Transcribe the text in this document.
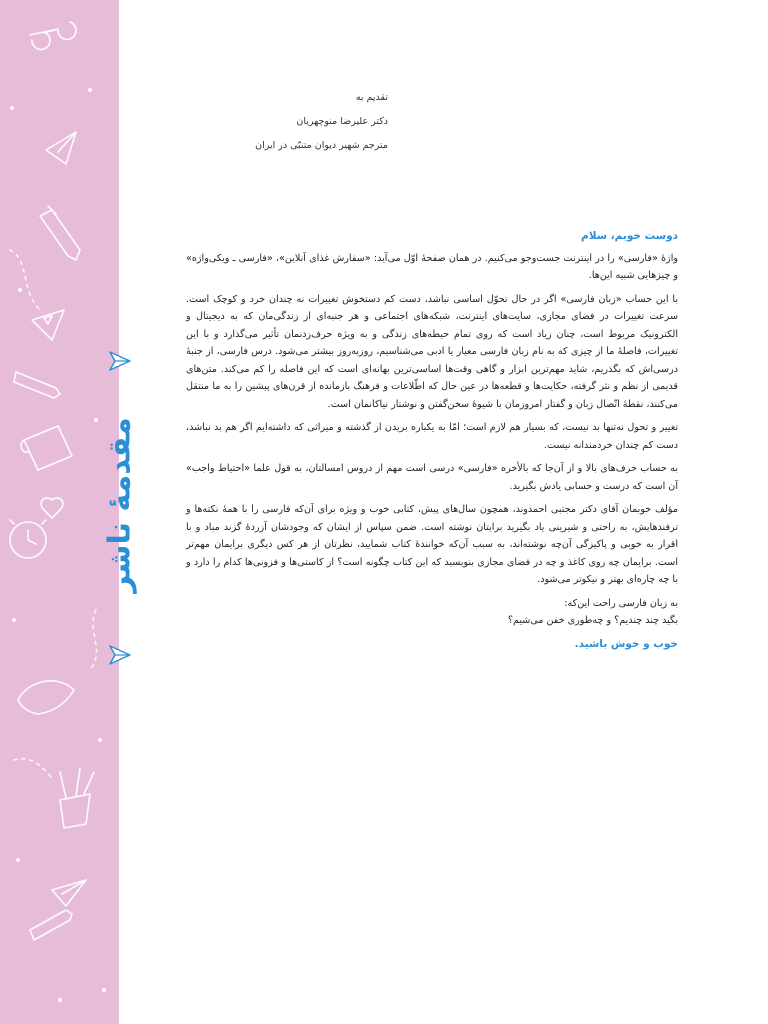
مقدمهٔ ناشر
تقدیم به
دکتر علیرضا منوچهریان
مترجم شهیر دیوان متنبّی در ایران

دوست خوبم، سلام

واژهٔ «فارسی» را در اینترنت جست‌وجو می‌کنیم. در همان صفحهٔ اوّل می‌آید: «سفارش غذای آنلاین»، «فارسی ـ ویکی‌واژه» و چیزهایی شبیه این‌ها.

با این حساب «زبان فارسی» اگر در حال تحوّل اساسی نباشد، دست کم دستخوش تغییرات نه چندان خرد و کوچک است. سرعت تغییرات در فضای مجازی، سایت‌های اینترنت، شبکه‌های اجتماعی و هر جنبه‌ای از زندگی‌مان که به دیجیتال و الکترونیک مربوط است، چنان زیاد است که روی تمام حیطه‌های زندگی و به ویژه حرف‌زدنمان تأثیر می‌گذارد و با این تغییرات، فاصلهٔ ما از چیزی که به نام زبان فارسی معیار یا ادبی می‌شناسیم، روزبه‌روز بیشتر می‌شود. درس فارسی، از جنبهٔ درسی‌اش که بگذریم، شاید مهم‌ترین ابزار و گاهی وقت‌ها اساسی‌ترین بهانه‌ای است که این فاصله را کم می‌کند. متن‌های قدیمی از نظم و نثر گرفته، حکایت‌ها و قطعه‌ها در عین حال که اطّلاعات و فرهنگ بازمانده از قرن‌های پیشین را به ما منتقل می‌کنند، نقطهٔ اتّصال زبان و گفتار امروزمان با شیوهٔ سخن‌گفتن و نوشتار نیاکانمان است.

تغییر و تحول نه‌تنها بد نیست، که بسیار هم لازم است؛ امّا به یکباره بریدن از گذشته و میراثی که داشته‌ایم اگر هم بد نباشد، دست کم چندان خردمندانه نیست.

به حساب حرف‌های بالا و از آن‌جا که بالأخره «فارسی» درسی است مهم از دروس امسالتان، به قول علما «احتیاط واجب» آن است که درست و حسابی یادش بگیرید.

مؤلف خوبمان آقای دکتر مجتبی احمدوند، همچون سال‌های پیش، کتابی خوب و ویژه برای آن‌که فارسی را با همهٔ نکته‌ها و ترفندهایش، به راحتی و شیرینی یاد بگیرید برایتان نوشته است. ضمن سپاس از ایشان که وجودشان آزردهٔ گزند مباد و با اقرار به خوبی و پاکیزگی آن‌چه نوشته‌اند، به سبب آن‌که خوانندهٔ کتاب شمایید، نظرتان از هر کس دیگری برایمان مهم‌تر است. برایمان چه روی کاغذ و چه در فضای مجازی بنویسید که این کتاب چگونه است؟ از کاستی‌ها و فزونی‌ها کدام را دارد و با چه چاره‌ای بهتر و نیکوتر می‌شود.

به زبان فارسی راحت این‌که:

بگید چند چندیم؟ و چه‌طوری خفن می‌شیم؟

خوب و خوش باشید.
